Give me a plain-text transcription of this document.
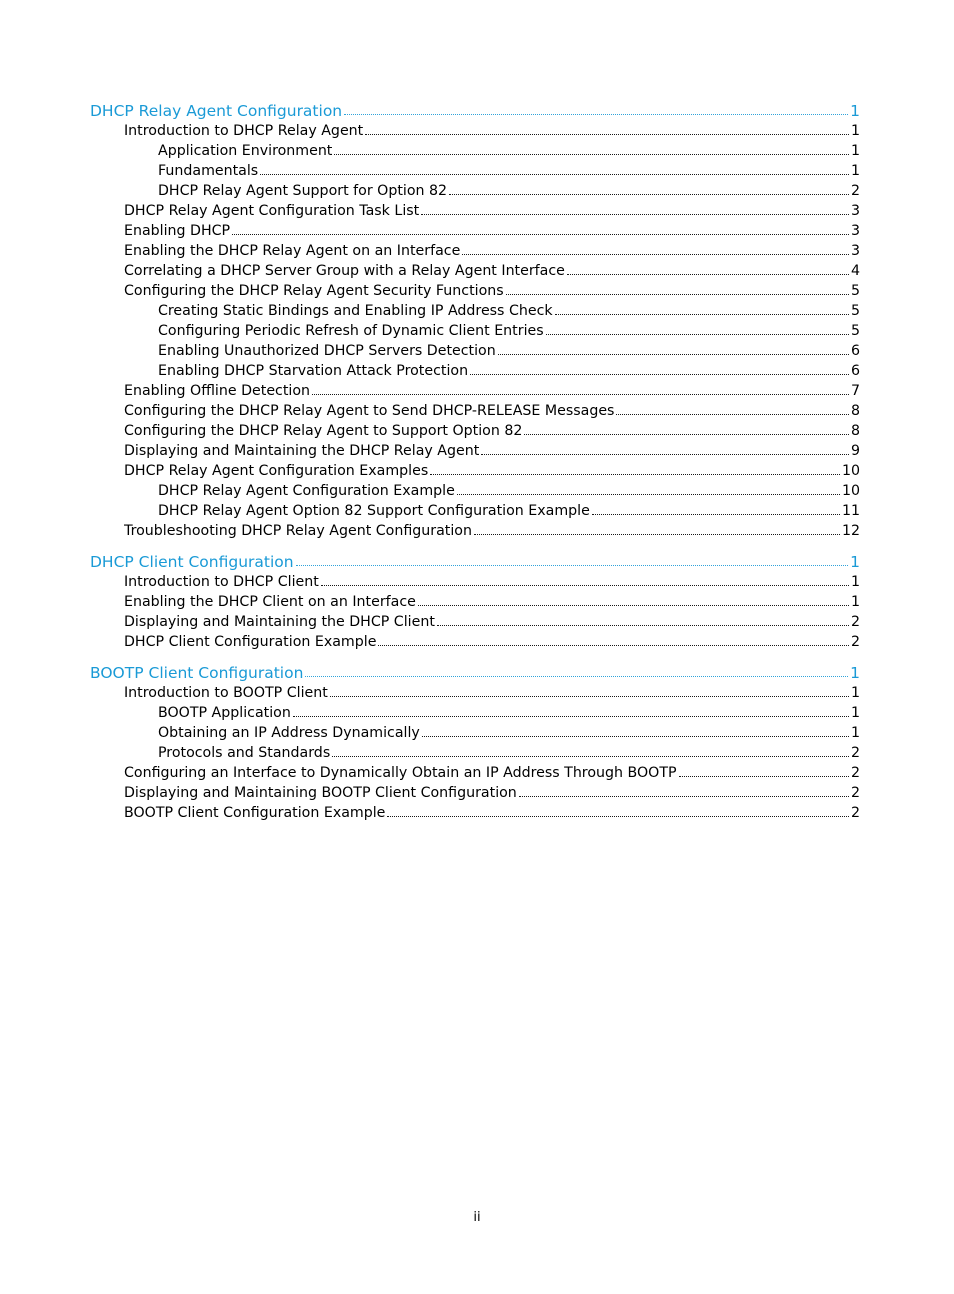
DHCP Relay Agent Configuration	1
Introduction to DHCP Relay Agent	1
Application Environment	1
Fundamentals	1
DHCP Relay Agent Support for Option 82	2
DHCP Relay Agent Configuration Task List	3
Enabling DHCP	3
Enabling the DHCP Relay Agent on an Interface	3
Correlating a DHCP Server Group with a Relay Agent Interface	4
Configuring the DHCP Relay Agent Security Functions	5
Creating Static Bindings and Enabling IP Address Check	5
Configuring Periodic Refresh of Dynamic Client Entries	5
Enabling Unauthorized DHCP Servers Detection	6
Enabling DHCP Starvation Attack Protection	6
Enabling Offline Detection	7
Configuring the DHCP Relay Agent to Send DHCP-RELEASE Messages	8
Configuring the DHCP Relay Agent to Support Option 82	8
Displaying and Maintaining the DHCP Relay Agent	9
DHCP Relay Agent Configuration Examples	10
DHCP Relay Agent Configuration Example	10
DHCP Relay Agent Option 82 Support Configuration Example	11
Troubleshooting DHCP Relay Agent Configuration	12
DHCP Client Configuration	1
Introduction to DHCP Client	1
Enabling the DHCP Client on an Interface	1
Displaying and Maintaining the DHCP Client	2
DHCP Client Configuration Example	2
BOOTP Client Configuration	1
Introduction to BOOTP Client	1
BOOTP Application	1
Obtaining an IP Address Dynamically	1
Protocols and Standards	2
Configuring an Interface to Dynamically Obtain an IP Address Through BOOTP	2
Displaying and Maintaining BOOTP Client Configuration	2
BOOTP Client Configuration Example	2
ii
